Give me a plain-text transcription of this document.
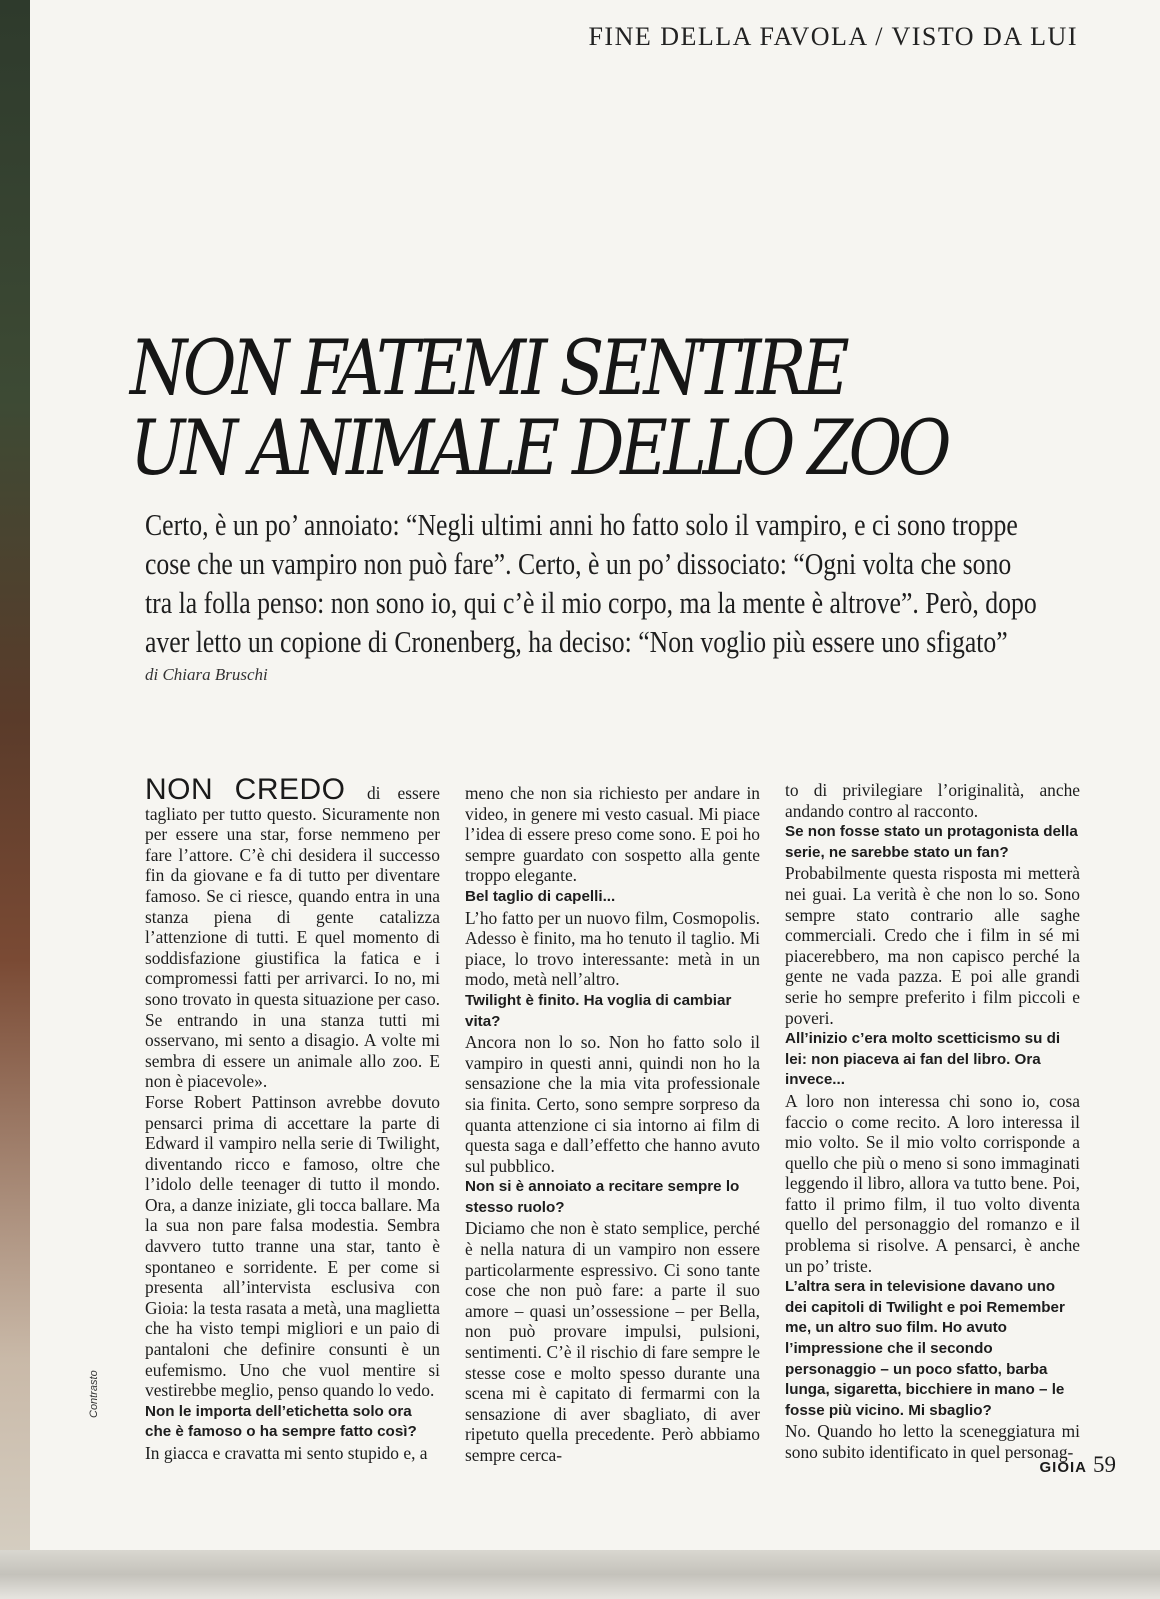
FINE DELLA FAVOLA / VISTO DA LUI
NON FATEMI SENTIRE
UN ANIMALE DELLO ZOO
Certo, è un po’ annoiato: “Negli ultimi anni ho fatto solo il vampiro, e ci sono troppe
cose che un vampiro non può fare”. Certo, è un po’ dissociato: “Ogni volta che sono
tra la folla penso: non sono io, qui c’è il mio corpo, ma la mente è altrove”. Però, dopo
aver letto un copione di Cronenberg, ha deciso: “Non voglio più essere uno sfigato”
di Chiara Bruschi

NON CREDO di essere tagliato per tutto questo. Sicuramente non per essere una star, forse nemmeno per fare l’attore. C’è chi desidera il successo fin da giovane e fa di tutto per diventare famoso. Se ci riesce, quando entra in una stanza piena di gente catalizza l’attenzione di tutti. E quel momento di soddisfazione giustifica la fatica e i compromessi fatti per arrivarci. Io no, mi sono trovato in questa situazione per caso. Se entrando in una stanza tutti mi osservano, mi sento a disagio. A volte mi sembra di essere un animale allo zoo. E non è piacevole».

Forse Robert Pattinson avrebbe dovuto pensarci prima di accettare la parte di Edward il vampiro nella serie di Twilight, diventando ricco e famoso, oltre che l’idolo delle teenager di tutto il mondo. Ora, a danze iniziate, gli tocca ballare. Ma la sua non pare falsa modestia. Sembra davvero tutto tranne una star, tanto è spontaneo e sorridente. E per come si presenta all’intervista esclusiva con Gioia: la testa rasata a metà, una maglietta che ha visto tempi migliori e un paio di pantaloni che definire consunti è un eufemismo. Uno che vuol mentire si vestirebbe meglio, penso quando lo vedo.

Non le importa dell’etichetta solo ora che è famoso o ha sempre fatto così?

In giacca e cravatta mi sento stupido e, a

meno che non sia richiesto per andare in video, in genere mi vesto casual. Mi piace l’idea di essere preso come sono. E poi ho sempre guardato con sospetto alla gente troppo elegante.

Bel taglio di capelli...

L’ho fatto per un nuovo film, Cosmopolis. Adesso è finito, ma ho tenuto il taglio. Mi piace, lo trovo interessante: metà in un modo, metà nell’altro.

Twilight è finito. Ha voglia di cambiar vita?

Ancora non lo so. Non ho fatto solo il vampiro in questi anni, quindi non ho la sensazione che la mia vita professionale sia finita. Certo, sono sempre sorpreso da quanta attenzione ci sia intorno ai film di questa saga e dall’effetto che hanno avuto sul pubblico.

Non si è annoiato a recitare sempre lo stesso ruolo?

Diciamo che non è stato semplice, perché è nella natura di un vampiro non essere particolarmente espressivo. Ci sono tante cose che non può fare: a parte il suo amore – quasi un’ossessione – per Bella, non può provare impulsi, pulsioni, sentimenti. C’è il rischio di fare sempre le stesse cose e molto spesso durante una scena mi è capitato di fermarmi con la sensazione di aver sbagliato, di aver ripetuto quella precedente. Però abbiamo sempre cerca-

to di privilegiare l’originalità, anche andando contro al racconto.

Se non fosse stato un protagonista della serie, ne sarebbe stato un fan?

Probabilmente questa risposta mi metterà nei guai. La verità è che non lo so. Sono sempre stato contrario alle saghe commerciali. Credo che i film in sé mi piacerebbero, ma non capisco perché la gente ne vada pazza. E poi alle grandi serie ho sempre preferito i film piccoli e poveri.

All’inizio c’era molto scetticismo su di lei: non piaceva ai fan del libro. Ora invece...

A loro non interessa chi sono io, cosa faccio o come recito. A loro interessa il mio volto. Se il mio volto corrisponde a quello che più o meno si sono immaginati leggendo il libro, allora va tutto bene. Poi, fatto il primo film, il tuo volto diventa quello del personaggio del romanzo e il problema si risolve. A pensarci, è anche un po’ triste.

L’altra sera in televisione davano uno dei capitoli di Twilight e poi Remember me, un altro suo film. Ho avuto l’impressione che il secondo personaggio – un poco sfatto, barba lunga, sigaretta, bicchiere in mano – le fosse più vicino. Mi sbaglio?

No. Quando ho letto la sceneggiatura mi sono subito identificato in quel personag-

Contrasto
GIOIA 59
